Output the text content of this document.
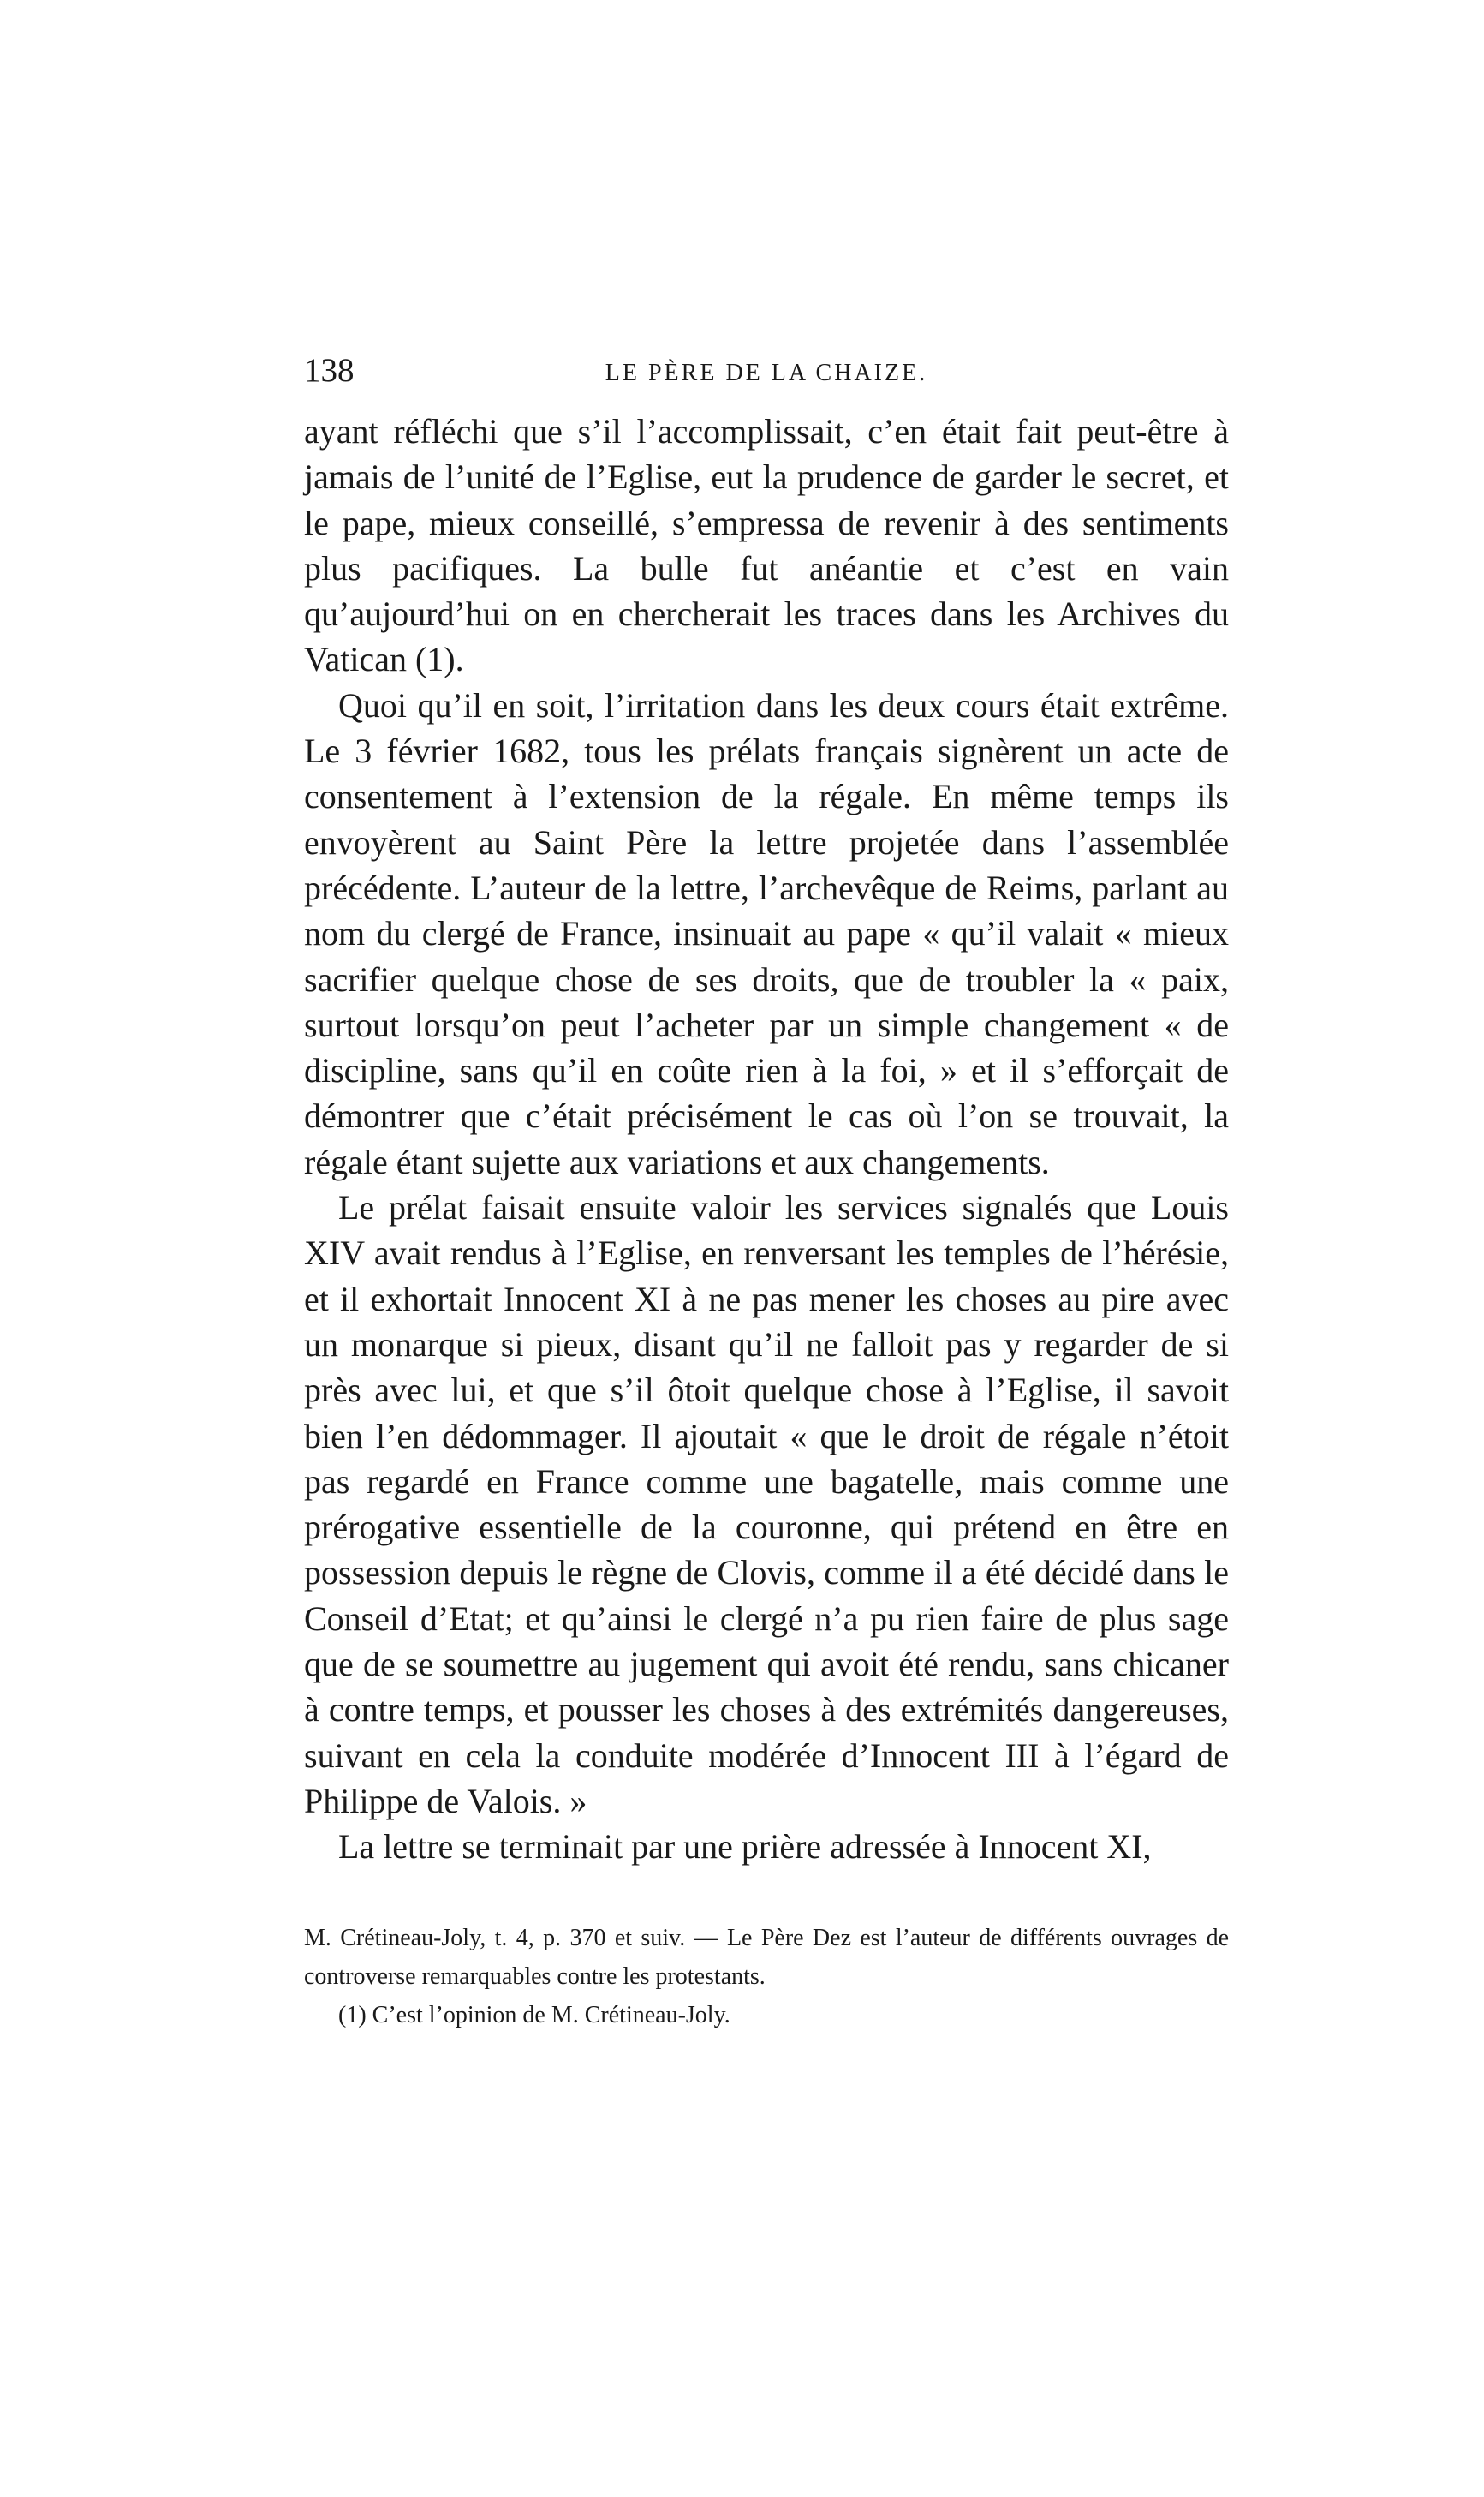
138	LE PÈRE DE LA CHAIZE.

ayant réfléchi que s’il l’accomplissait, c’en était fait peut-être à jamais de l’unité de l’Eglise, eut la prudence de garder le secret, et le pape, mieux conseillé, s’empressa de revenir à des sentiments plus pacifiques. La bulle fut anéantie et c’est en vain qu’aujourd’hui on en chercherait les traces dans les Archives du Vatican (1).

Quoi qu’il en soit, l’irritation dans les deux cours était extrême. Le 3 février 1682, tous les prélats français signèrent un acte de consentement à l’extension de la régale. En même temps ils envoyèrent au Saint Père la lettre projetée dans l’assemblée précédente. L’auteur de la lettre, l’archevêque de Reims, parlant au nom du clergé de France, insinuait au pape « qu’il valait « mieux sacrifier quelque chose de ses droits, que de troubler la « paix, surtout lorsqu’on peut l’acheter par un simple changement « de discipline, sans qu’il en coûte rien à la foi, » et il s’efforçait de démontrer que c’était précisément le cas où l’on se trouvait, la régale étant sujette aux variations et aux changements.

Le prélat faisait ensuite valoir les services signalés que Louis XIV avait rendus à l’Eglise, en renversant les temples de l’hérésie, et il exhortait Innocent XI à ne pas mener les choses au pire avec un monarque si pieux, disant qu’il ne falloit pas y regarder de si près avec lui, et que s’il ôtoit quelque chose à l’Eglise, il savoit bien l’en dédommager. Il ajoutait « que le droit de régale n’étoit pas regardé en France comme une bagatelle, mais comme une prérogative essentielle de la couronne, qui prétend en être en possession depuis le règne de Clovis, comme il a été décidé dans le Conseil d’Etat; et qu’ainsi le clergé n’a pu rien faire de plus sage que de se soumettre au jugement qui avoit été rendu, sans chicaner à contre temps, et pousser les choses à des extrémités dangereuses, suivant en cela la conduite modérée d’Innocent III à l’égard de Philippe de Valois. »

La lettre se terminait par une prière adressée à Innocent XI,

M. Crétineau-Joly, t. 4, p. 370 et suiv. — Le Père Dez est l’auteur de différents ouvrages de controverse remarquables contre les protestants.

(1) C’est l’opinion de M. Crétineau-Joly.
